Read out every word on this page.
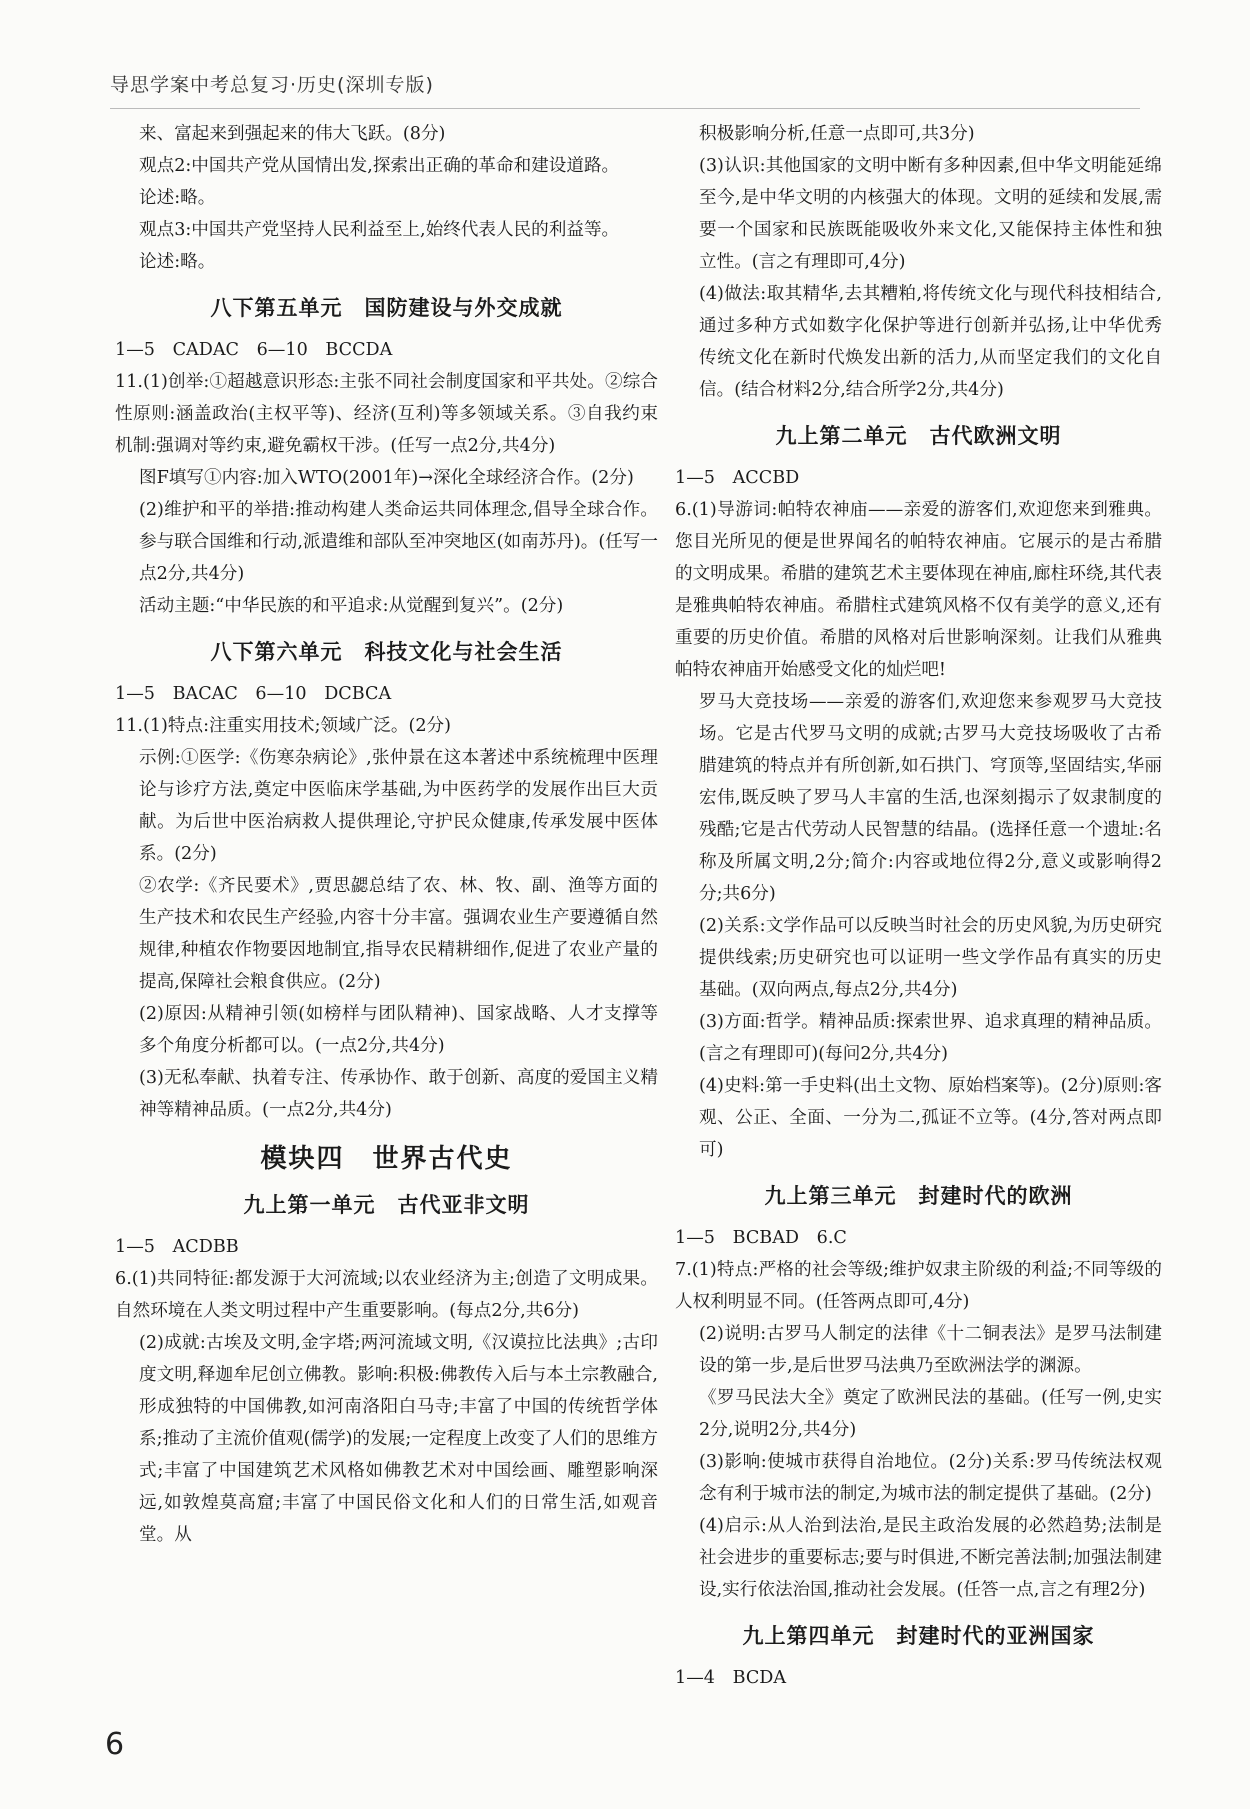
导思学案中考总复习·历史(深圳专版)

来、富起来到强起来的伟大飞跃。(8分)

观点2:中国共产党从国情出发,探索出正确的革命和建设道路。

论述:略。

观点3:中国共产党坚持人民利益至上,始终代表人民的利益等。

论述:略。

八下第五单元　国防建设与外交成就

1—5　CADAC　6—10　BCCDA

11.(1)创举:①超越意识形态:主张不同社会制度国家和平共处。②综合性原则:涵盖政治(主权平等)、经济(互利)等多领域关系。③自我约束机制:强调对等约束,避免霸权干涉。(任写一点2分,共4分)

图F填写①内容:加入WTO(2001年)→深化全球经济合作。(2分)

(2)维护和平的举措:推动构建人类命运共同体理念,倡导全球合作。参与联合国维和行动,派遣维和部队至冲突地区(如南苏丹)。(任写一点2分,共4分)

活动主题:“中华民族的和平追求:从觉醒到复兴”。(2分)

八下第六单元　科技文化与社会生活

1—5　BACAC　6—10　DCBCA

11.(1)特点:注重实用技术;领域广泛。(2分)

示例:①医学:《伤寒杂病论》,张仲景在这本著述中系统梳理中医理论与诊疗方法,奠定中医临床学基础,为中医药学的发展作出巨大贡献。为后世中医治病救人提供理论,守护民众健康,传承发展中医体系。(2分)

②农学:《齐民要术》,贾思勰总结了农、林、牧、副、渔等方面的生产技术和农民生产经验,内容十分丰富。强调农业生产要遵循自然规律,种植农作物要因地制宜,指导农民精耕细作,促进了农业产量的提高,保障社会粮食供应。(2分)

(2)原因:从精神引领(如榜样与团队精神)、国家战略、人才支撑等多个角度分析都可以。(一点2分,共4分)

(3)无私奉献、执着专注、传承协作、敢于创新、高度的爱国主义精神等精神品质。(一点2分,共4分)

模块四　世界古代史
九上第一单元　古代亚非文明

1—5　ACDBB

6.(1)共同特征:都发源于大河流域;以农业经济为主;创造了文明成果。自然环境在人类文明过程中产生重要影响。(每点2分,共6分)

(2)成就:古埃及文明,金字塔;两河流域文明,《汉谟拉比法典》;古印度文明,释迦牟尼创立佛教。影响:积极:佛教传入后与本土宗教融合,形成独特的中国佛教,如河南洛阳白马寺;丰富了中国的传统哲学体系;推动了主流价值观(儒学)的发展;一定程度上改变了人们的思维方式;丰富了中国建筑艺术风格如佛教艺术对中国绘画、雕塑影响深远,如敦煌莫高窟;丰富了中国民俗文化和人们的日常生活,如观音堂。从

积极影响分析,任意一点即可,共3分)

(3)认识:其他国家的文明中断有多种因素,但中华文明能延绵至今,是中华文明的内核强大的体现。文明的延续和发展,需要一个国家和民族既能吸收外来文化,又能保持主体性和独立性。(言之有理即可,4分)

(4)做法:取其精华,去其糟粕,将传统文化与现代科技相结合,通过多种方式如数字化保护等进行创新并弘扬,让中华优秀传统文化在新时代焕发出新的活力,从而坚定我们的文化自信。(结合材料2分,结合所学2分,共4分)

九上第二单元　古代欧洲文明

1—5　ACCBD

6.(1)导游词:帕特农神庙——亲爱的游客们,欢迎您来到雅典。您目光所见的便是世界闻名的帕特农神庙。它展示的是古希腊的文明成果。希腊的建筑艺术主要体现在神庙,廊柱环绕,其代表是雅典帕特农神庙。希腊柱式建筑风格不仅有美学的意义,还有重要的历史价值。希腊的风格对后世影响深刻。让我们从雅典帕特农神庙开始感受文化的灿烂吧!

罗马大竞技场——亲爱的游客们,欢迎您来参观罗马大竞技场。它是古代罗马文明的成就;古罗马大竞技场吸收了古希腊建筑的特点并有所创新,如石拱门、穹顶等,坚固结实,华丽宏伟,既反映了罗马人丰富的生活,也深刻揭示了奴隶制度的残酷;它是古代劳动人民智慧的结晶。(选择任意一个遗址:名称及所属文明,2分;简介:内容或地位得2分,意义或影响得2分;共6分)

(2)关系:文学作品可以反映当时社会的历史风貌,为历史研究提供线索;历史研究也可以证明一些文学作品有真实的历史基础。(双向两点,每点2分,共4分)

(3)方面:哲学。精神品质:探索世界、追求真理的精神品质。(言之有理即可)(每问2分,共4分)

(4)史料:第一手史料(出土文物、原始档案等)。(2分)原则:客观、公正、全面、一分为二,孤证不立等。(4分,答对两点即可)

九上第三单元　封建时代的欧洲

1—5　BCBAD　6.C

7.(1)特点:严格的社会等级;维护奴隶主阶级的利益;不同等级的人权利明显不同。(任答两点即可,4分)

(2)说明:古罗马人制定的法律《十二铜表法》是罗马法制建设的第一步,是后世罗马法典乃至欧洲法学的渊源。

《罗马民法大全》奠定了欧洲民法的基础。(任写一例,史实2分,说明2分,共4分)

(3)影响:使城市获得自治地位。(2分)关系:罗马传统法权观念有利于城市法的制定,为城市法的制定提供了基础。(2分)

(4)启示:从人治到法治,是民主政治发展的必然趋势;法制是社会进步的重要标志;要与时俱进,不断完善法制;加强法制建设,实行依法治国,推动社会发展。(任答一点,言之有理2分)

九上第四单元　封建时代的亚洲国家

1—4　BCDA

6
